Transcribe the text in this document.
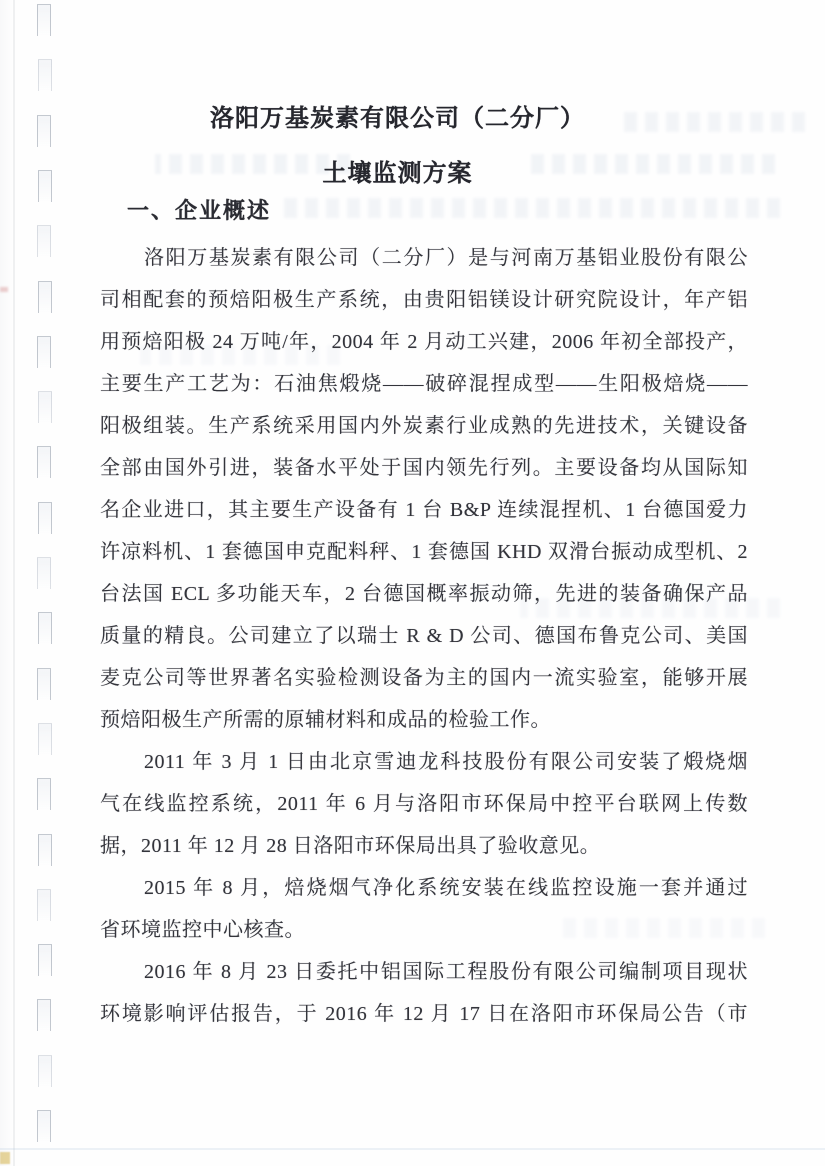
洛阳万基炭素有限公司（二分厂）
土壤监测方案
一、企业概述
洛阳万基炭素有限公司（二分厂）是与河南万基铝业股份有限公
司相配套的预焙阳极生产系统，由贵阳铝镁设计研究院设计，年产铝
用预焙阳极 24 万吨/年，2004 年 2 月动工兴建，2006 年初全部投产，
主要生产工艺为：石油焦煅烧——破碎混捏成型——生阳极焙烧——
阳极组装。生产系统采用国内外炭素行业成熟的先进技术，关键设备
全部由国外引进，装备水平处于国内领先行列。主要设备均从国际知
名企业进口，其主要生产设备有 1 台 B&P 连续混捏机、1 台德国爱力
许凉料机、1 套德国申克配料秤、1 套德国 KHD 双滑台振动成型机、2
台法国 ECL 多功能天车，2 台德国概率振动筛，先进的装备确保产品
质量的精良。公司建立了以瑞士 R & D 公司、德国布鲁克公司、美国
麦克公司等世界著名实验检测设备为主的国内一流实验室，能够开展
预焙阳极生产所需的原辅材料和成品的检验工作。
2011 年 3 月 1 日由北京雪迪龙科技股份有限公司安装了煅烧烟
气在线监控系统，2011 年 6 月与洛阳市环保局中控平台联网上传数
据，2011 年 12 月 28 日洛阳市环保局出具了验收意见。
2015 年 8 月，焙烧烟气净化系统安装在线监控设施一套并通过
省环境监控中心核查。
2016 年 8 月 23 日委托中铝国际工程股份有限公司编制项目现状
环境影响评估报告，于 2016 年 12 月 17 日在洛阳市环保局公告（市
